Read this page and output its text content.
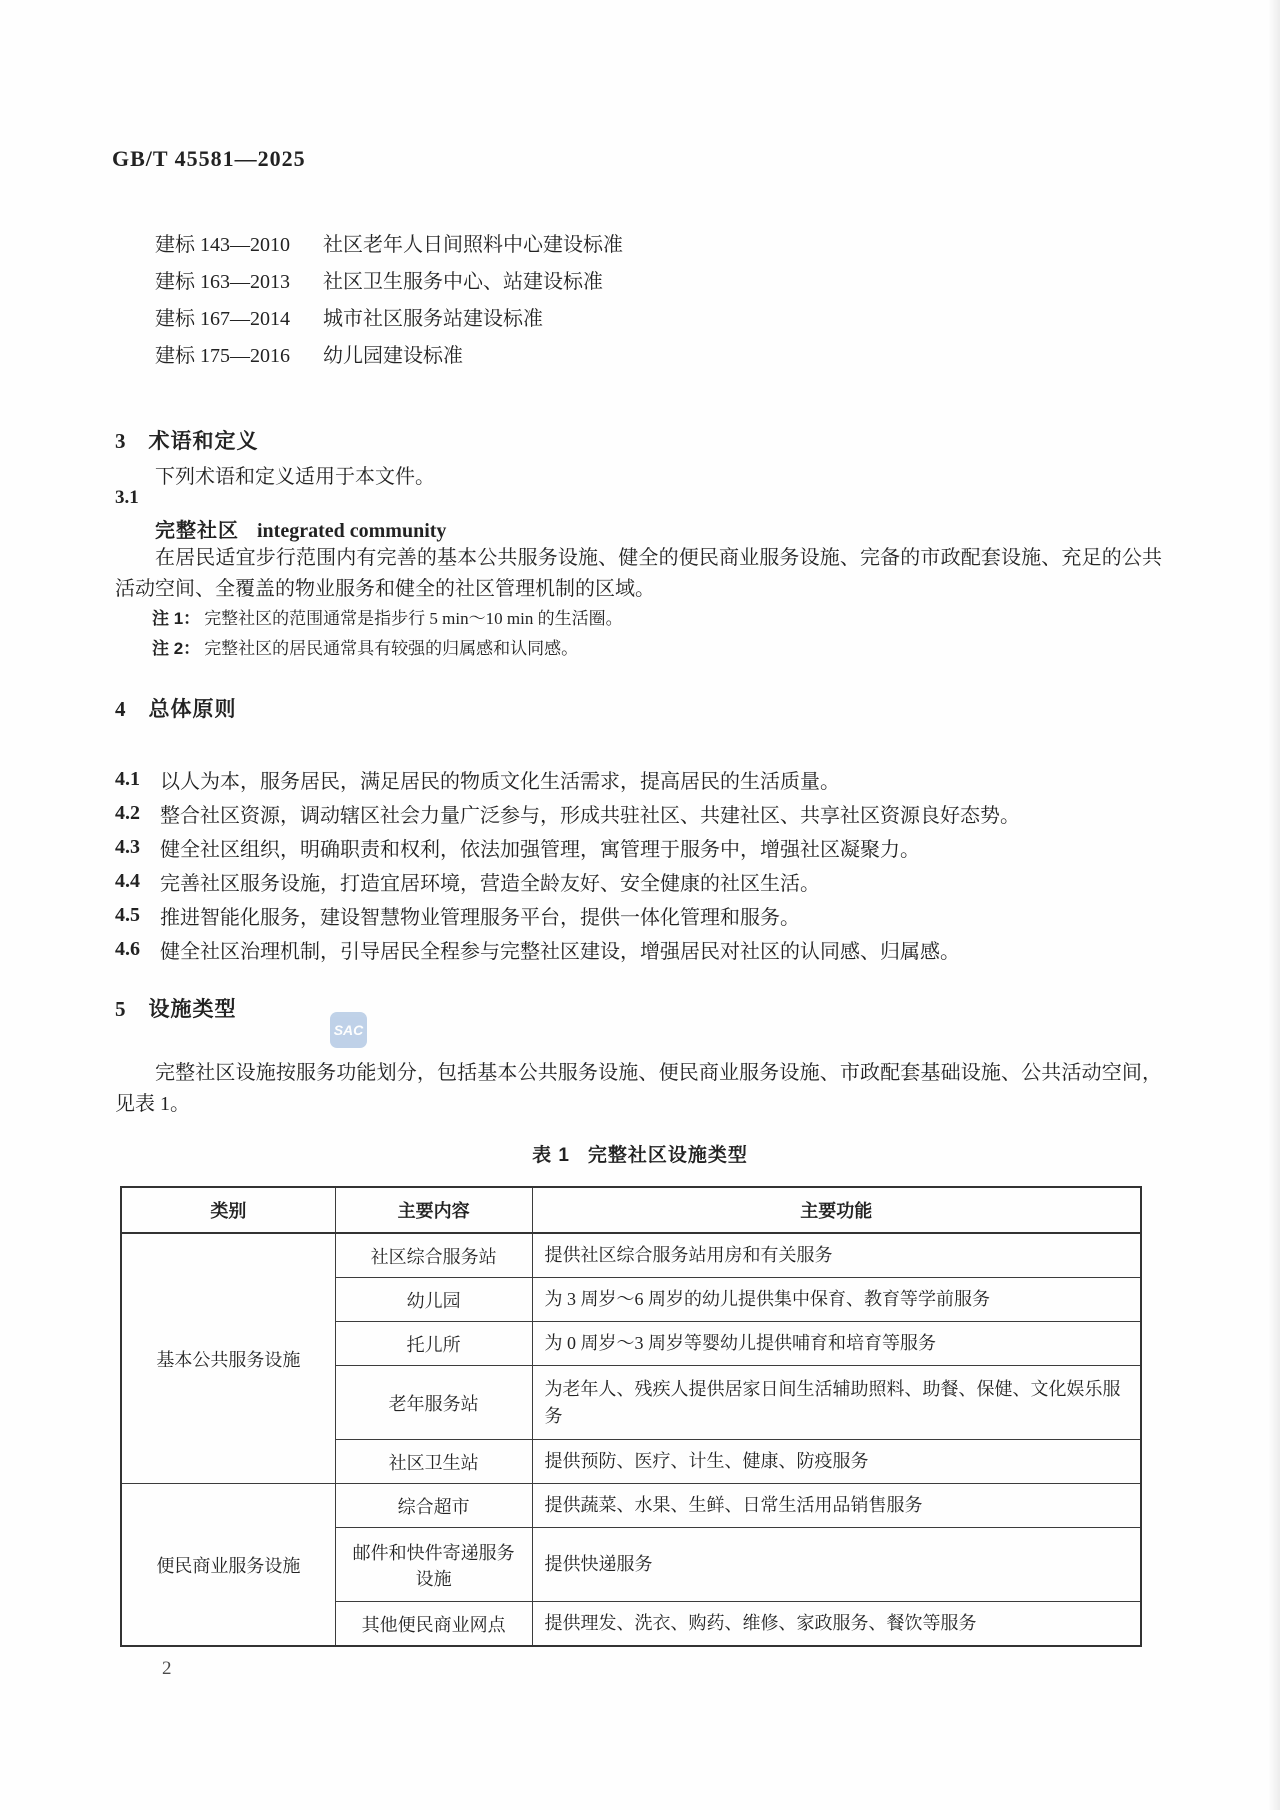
GB/T 45581—2025
建标 143—2010	社区老年人日间照料中心建设标准
建标 163—2013	社区卫生服务中心、站建设标准
建标 167—2014	城市社区服务站建设标准
建标 175—2016	幼儿园建设标准
3 术语和定义
下列术语和定义适用于本文件。
3.1
完整社区 integrated community
在居民适宜步行范围内有完善的基本公共服务设施、健全的便民商业服务设施、完备的市政配套设施、充足的公共活动空间、全覆盖的物业服务和健全的社区管理机制的区域。
注 1： 完整社区的范围通常是指步行 5 min～10 min 的生活圈。
注 2： 完整社区的居民通常具有较强的归属感和认同感。
4 总体原则
4.1 以人为本，服务居民，满足居民的物质文化生活需求，提高居民的生活质量。
4.2 整合社区资源，调动辖区社会力量广泛参与，形成共驻社区、共建社区、共享社区资源良好态势。
4.3 健全社区组织，明确职责和权利，依法加强管理，寓管理于服务中，增强社区凝聚力。
4.4 完善社区服务设施，打造宜居环境，营造全龄友好、安全健康的社区生活。
4.5 推进智能化服务，建设智慧物业管理服务平台，提供一体化管理和服务。
4.6 健全社区治理机制，引导居民全程参与完整社区建设，增强居民对社区的认同感、归属感。
5 设施类型
SAC
完整社区设施按服务功能划分，包括基本公共服务设施、便民商业服务设施、市政配套基础设施、公共活动空间，见表 1。
表 1 完整社区设施类型
类别	主要内容	主要功能
基本公共服务设施	社区综合服务站	提供社区综合服务站用房和有关服务
	幼儿园	为 3 周岁～6 周岁的幼儿提供集中保育、教育等学前服务
	托儿所	为 0 周岁～3 周岁等婴幼儿提供哺育和培育等服务
	老年服务站	为老年人、残疾人提供居家日间生活辅助照料、助餐、保健、文化娱乐服务
	社区卫生站	提供预防、医疗、计生、健康、防疫服务
便民商业服务设施	综合超市	提供蔬菜、水果、生鲜、日常生活用品销售服务
	邮件和快件寄递服务设施	提供快递服务
	其他便民商业网点	提供理发、洗衣、购药、维修、家政服务、餐饮等服务
2
